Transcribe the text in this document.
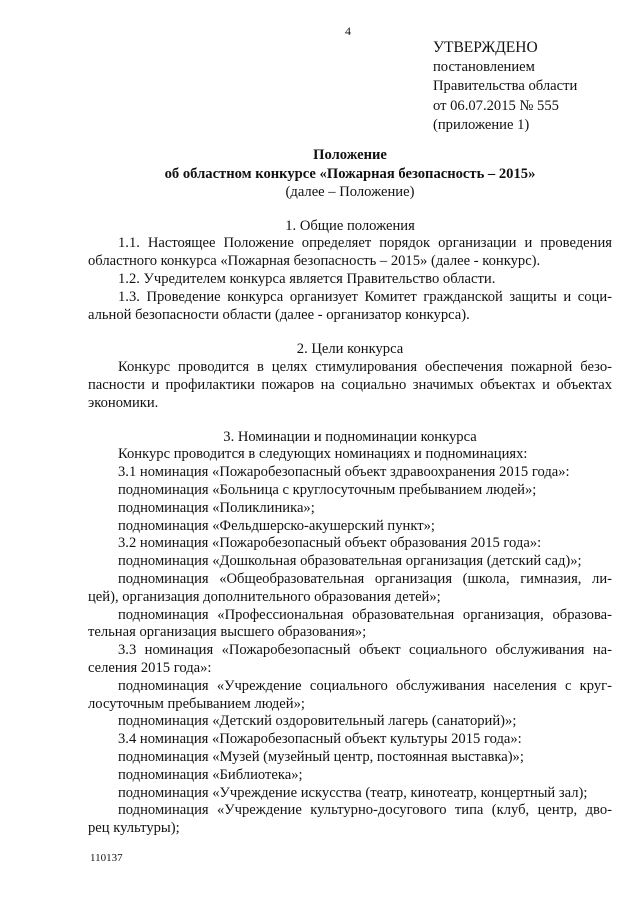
4
УТВЕРЖДЕНО
постановлением
Правительства области
от 06.07.2015 № 555
(приложение 1)
Положение
об областном конкурсе «Пожарная безопасность – 2015»
(далее – Положение)
1. Общие положения
1.1. Настоящее Положение определяет порядок организации и проведения
областного конкурса «Пожарная безопасность – 2015» (далее - конкурс).
1.2. Учредителем конкурса является Правительство области.
1.3. Проведение конкурса организует Комитет гражданской защиты и соци-
альной безопасности области (далее - организатор конкурса).
2. Цели конкурса
Конкурс проводится в целях стимулирования обеспечения пожарной безо-
пасности и профилактики пожаров на социально значимых объектах и объектах
экономики.
3. Номинации и подноминации конкурса
Конкурс проводится в следующих номинациях и подноминациях:
3.1 номинация «Пожаробезопасный объект здравоохранения 2015 года»:
подноминация «Больница с круглосуточным пребыванием людей»;
подноминация «Поликлиника»;
подноминация «Фельдшерско-акушерский пункт»;
3.2 номинация «Пожаробезопасный объект образования 2015 года»:
подноминация «Дошкольная образовательная организация (детский сад)»;
подноминация «Общеобразовательная организация (школа, гимназия, ли-
цей), организация дополнительного образования детей»;
подноминация «Профессиональная образовательная организация, образова-
тельная организация высшего образования»;
3.3 номинация «Пожаробезопасный объект социального обслуживания на-
селения 2015 года»:
подноминация «Учреждение социального обслуживания населения с круг-
лосуточным пребыванием людей»;
подноминация «Детский оздоровительный лагерь (санаторий)»;
3.4 номинация «Пожаробезопасный объект культуры 2015 года»:
подноминация «Музей (музейный центр, постоянная выставка)»;
подноминация «Библиотека»;
подноминация «Учреждение искусства (театр, кинотеатр, концертный зал);
подноминация «Учреждение культурно-досугового типа (клуб, центр, дво-
рец культуры);
110137
